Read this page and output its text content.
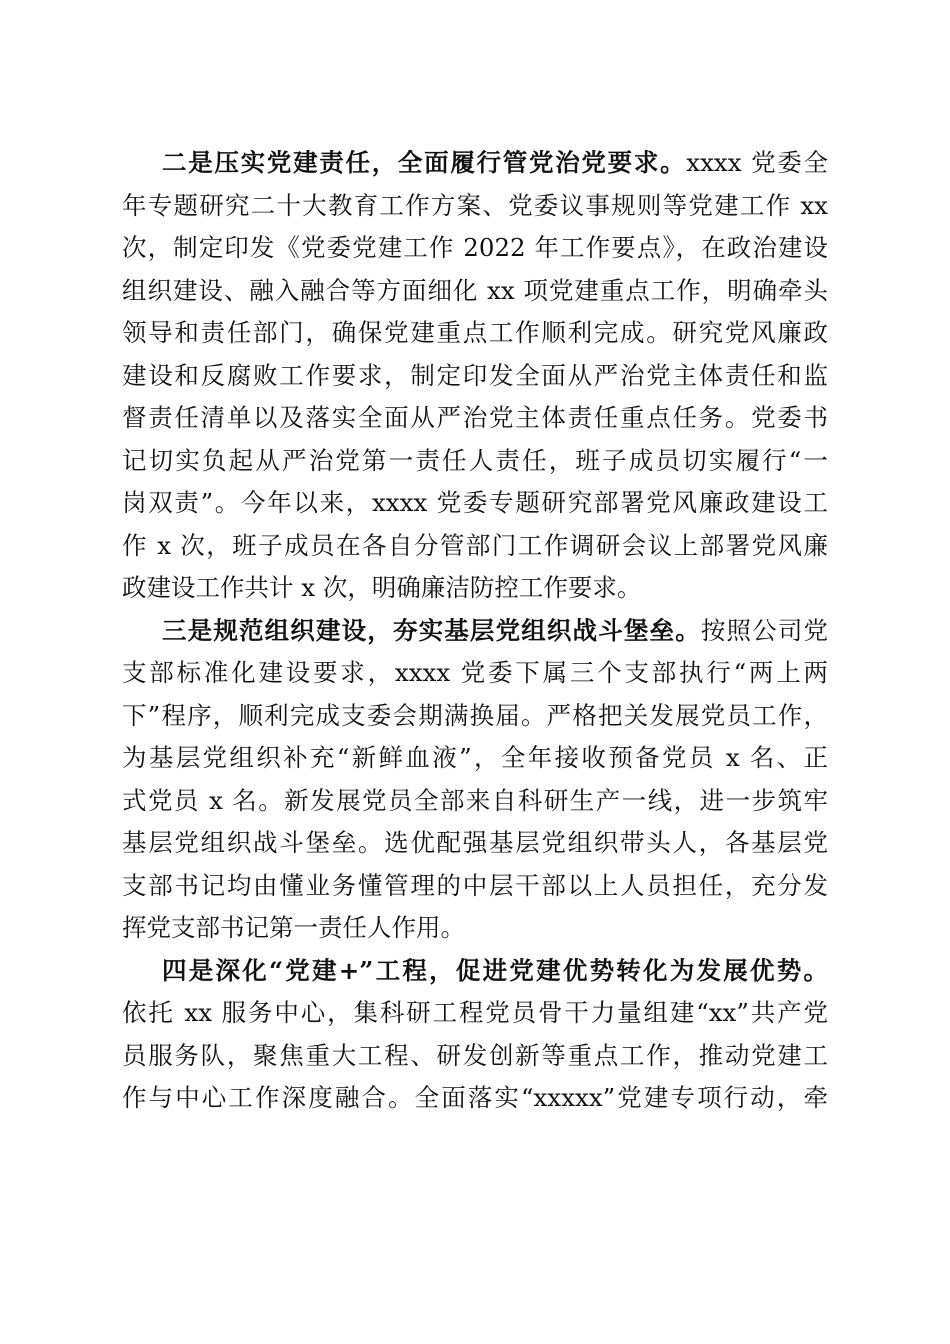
二是压实党建责任，全面履行管党治党要求。xxxx 党委全
年专题研究二十大教育工作方案、党委议事规则等党建工作 xx
次，制定印发《党委党建工作 2022 年工作要点》，在政治建设
组织建设、融入融合等方面细化 xx 项党建重点工作，明确牵头
领导和责任部门，确保党建重点工作顺利完成。研究党风廉政
建设和反腐败工作要求，制定印发全面从严治党主体责任和监
督责任清单以及落实全面从严治党主体责任重点任务。党委书
记切实负起从严治党第一责任人责任，班子成员切实履行“一
岗双责”。今年以来，xxxx 党委专题研究部署党风廉政建设工
作 x 次，班子成员在各自分管部门工作调研会议上部署党风廉
政建设工作共计 x 次，明确廉洁防控工作要求。
三是规范组织建设，夯实基层党组织战斗堡垒。按照公司党
支部标准化建设要求，xxxx 党委下属三个支部执行“两上两
下”程序，顺利完成支委会期满换届。严格把关发展党员工作，
为基层党组织补充“新鲜血液”，全年接收预备党员 x 名、正
式党员 x 名。新发展党员全部来自科研生产一线，进一步筑牢
基层党组织战斗堡垒。选优配强基层党组织带头人，各基层党
支部书记均由懂业务懂管理的中层干部以上人员担任，充分发
挥党支部书记第一责任人作用。
四是深化“党建+”工程，促进党建优势转化为发展优势。
依托 xx 服务中心，集科研工程党员骨干力量组建“xx”共产党
员服务队，聚焦重大工程、研发创新等重点工作，推动党建工
作与中心工作深度融合。全面落实“xxxxx”党建专项行动，牵
